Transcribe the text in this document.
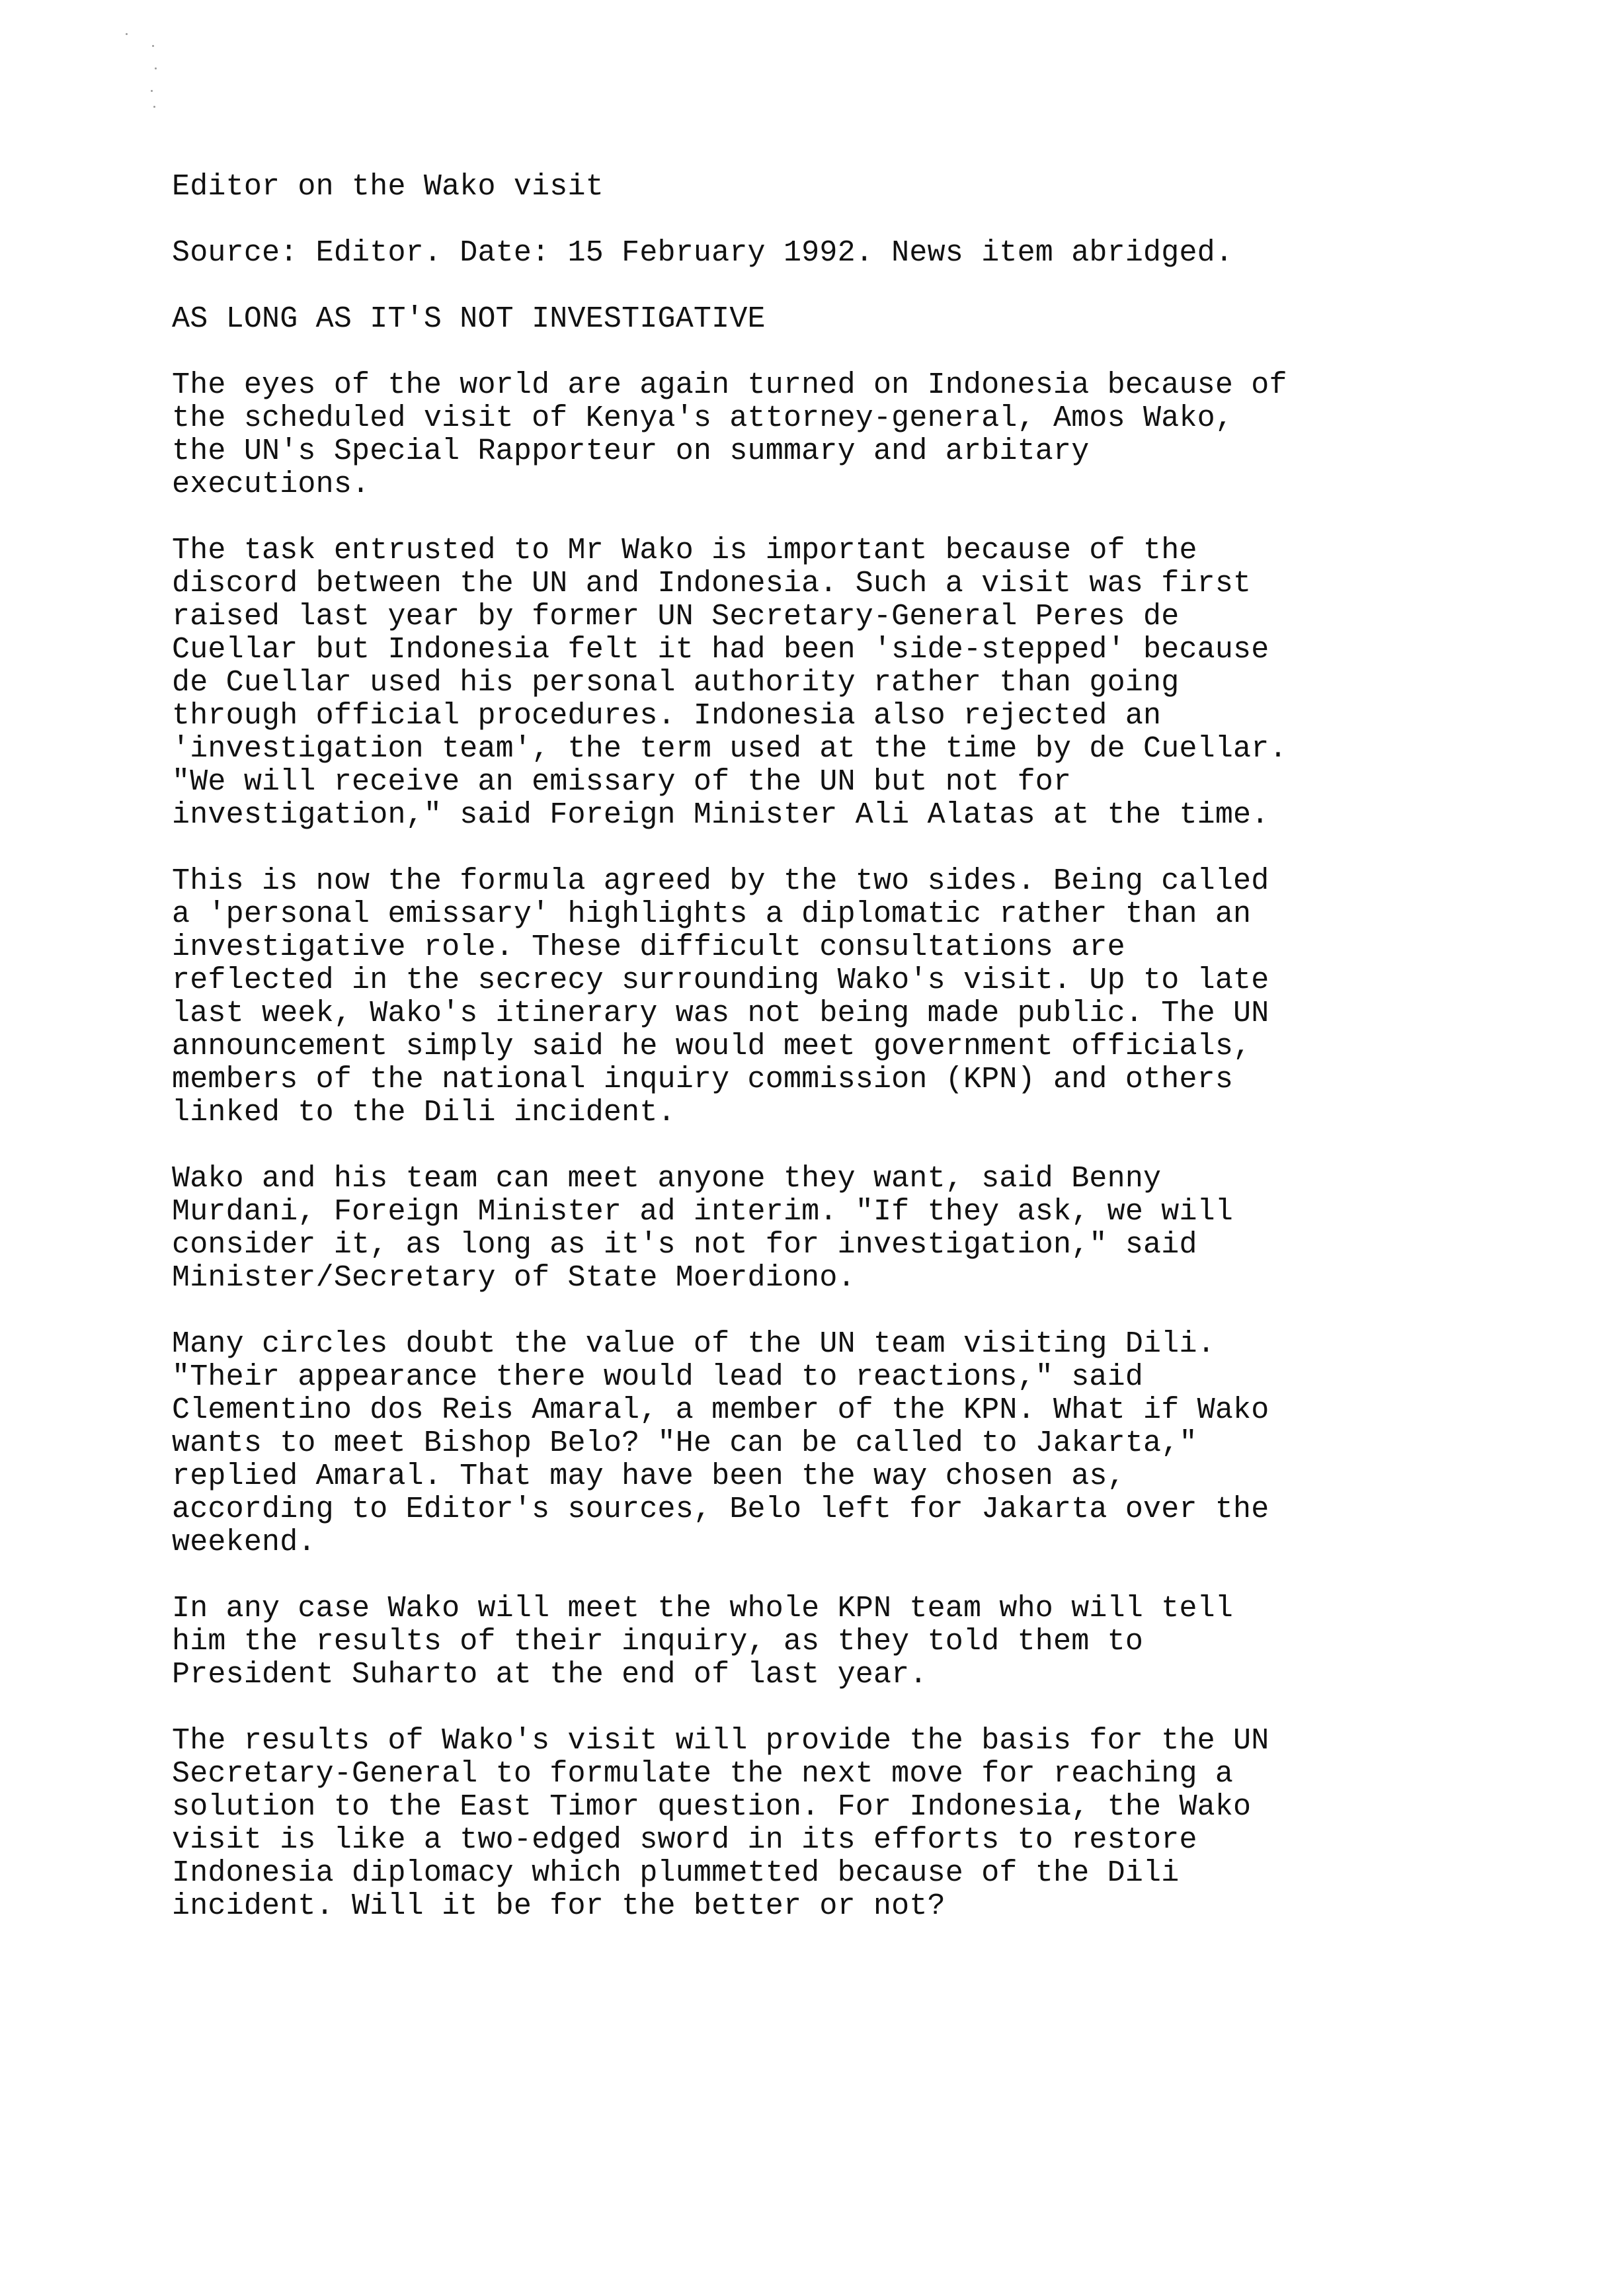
Editor on the Wako visit
Source: Editor. Date: 15 February 1992. News item abridged.
AS LONG AS IT'S NOT INVESTIGATIVE
The eyes of the world are again turned on Indonesia because of
the scheduled visit of Kenya's attorney-general, Amos Wako,
the UN's Special Rapporteur on summary and arbitary
executions.
The task entrusted to Mr Wako is important because of the
discord between the UN and Indonesia. Such a visit was first
raised last year by former UN Secretary-General Peres de
Cuellar but Indonesia felt it had been 'side-stepped' because
de Cuellar used his personal authority rather than going
through official procedures. Indonesia also rejected an
'investigation team', the term used at the time by de Cuellar.
"We will receive an emissary of the UN but not for
investigation," said Foreign Minister Ali Alatas at the time.
This is now the formula agreed by the two sides. Being called
a 'personal emissary' highlights a diplomatic rather than an
investigative role. These difficult consultations are
reflected in the secrecy surrounding Wako's visit. Up to late
last week, Wako's itinerary was not being made public. The UN
announcement simply said he would meet government officials,
members of the national inquiry commission (KPN) and others
linked to the Dili incident.
Wako and his team can meet anyone they want, said Benny
Murdani, Foreign Minister ad interim. "If they ask, we will
consider it, as long as it's not for investigation," said
Minister/Secretary of State Moerdiono.
Many circles doubt the value of the UN team visiting Dili.
"Their appearance there would lead to reactions," said
Clementino dos Reis Amaral, a member of the KPN. What if Wako
wants to meet Bishop Belo? "He can be called to Jakarta,"
replied Amaral. That may have been the way chosen as,
according to Editor's sources, Belo left for Jakarta over the
weekend.
In any case Wako will meet the whole KPN team who will tell
him the results of their inquiry, as they told them to
President Suharto at the end of last year.
The results of Wako's visit will provide the basis for the UN
Secretary-General to formulate the next move for reaching a
solution to the East Timor question. For Indonesia, the Wako
visit is like a two-edged sword in its efforts to restore
Indonesia diplomacy which plummetted because of the Dili
incident. Will it be for the better or not?
